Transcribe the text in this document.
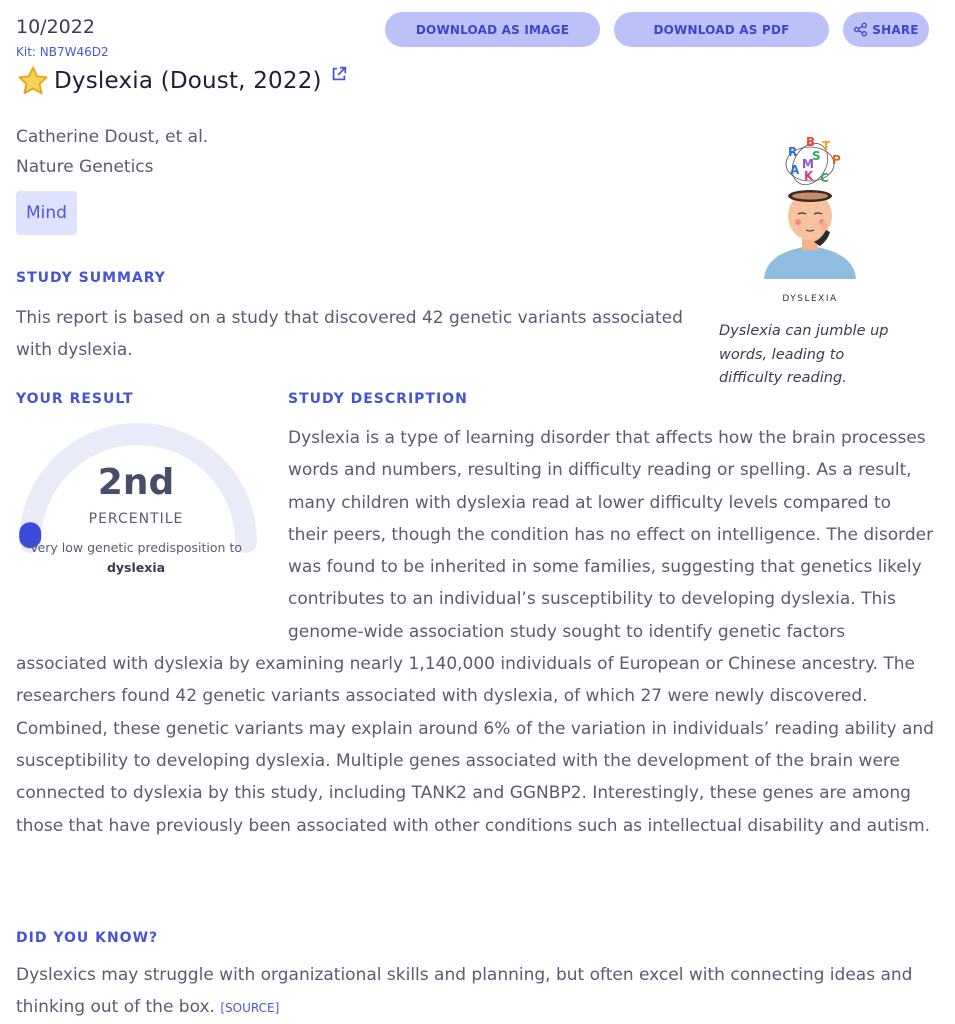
10/2022
Kit: NB7W46D2
Dyslexia (Doust, 2022)
DOWNLOAD AS IMAGE	DOWNLOAD AS PDF	SHARE
Catherine Doust, et al.
Nature Genetics
Mind
B T
R S
M P
A K C
DYSLEXIA
Dyslexia can jumble up words, leading to difficulty reading.
STUDY SUMMARY
This report is based on a study that discovered 42 genetic variants associated with dyslexia.
YOUR RESULT
2nd
PERCENTILE
Very low genetic predisposition to dyslexia
STUDY DESCRIPTION
Dyslexia is a type of learning disorder that affects how the brain processes words and numbers, resulting in difficulty reading or spelling. As a result, many children with dyslexia read at lower difficulty levels compared to their peers, though the condition has no effect on intelligence. The disorder was found to be inherited in some families, suggesting that genetics likely contributes to an individual’s susceptibility to developing dyslexia. This genome-wide association study sought to identify genetic factors associated with dyslexia by examining nearly 1,140,000 individuals of European or Chinese ancestry. The researchers found 42 genetic variants associated with dyslexia, of which 27 were newly discovered. Combined, these genetic variants may explain around 6% of the variation in individuals’ reading ability and susceptibility to developing dyslexia. Multiple genes associated with the development of the brain were connected to dyslexia by this study, including TANK2 and GGNBP2. Interestingly, these genes are among those that have previously been associated with other conditions such as intellectual disability and autism.
DID YOU KNOW?
Dyslexics may struggle with organizational skills and planning, but often excel with connecting ideas and thinking out of the box. [SOURCE]
